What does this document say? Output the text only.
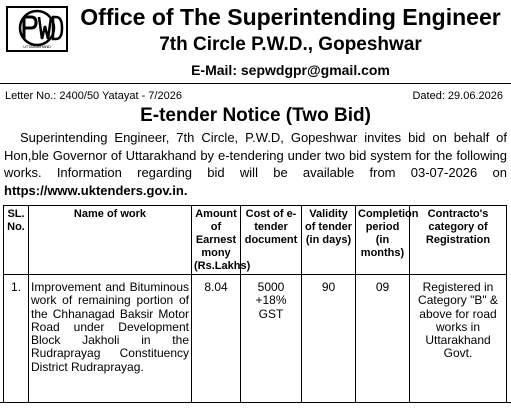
UTTARAKHAND
Office of The Superintending Engineer
7th Circle P.W.D., Gopeshwar
E-Mail: sepwdgpr@gmail.com
Letter No.: 2400/50 Yatayat - 7/2026	Dated: 29.06.2026
E-tender Notice (Two Bid)
Superintending Engineer, 7th Circle, P.W.D, Gopeshwar invites bid on behalf of Hon,ble Governor of Uttarakhand by e-tendering under two bid system for the following works. Information regarding bid will be available from 03-07-2026 on https://www.uktenders.gov.in.
SL. No.	Name of work	Amount of Earnest mony (Rs.Lakhs)	Cost of e-tender document	Validity of tender (in days)	Completion period (in months)	Contracto's category of Registration
1.	Improvement and Bituminous work of remaining portion of the Chhanagad Baksir Motor Road under Development Block Jakholi in the Rudraprayag Constituency District Rudraprayag.	8.04	5000 +18% GST	90	09	Registered in Category "B" & above for road works in Uttarakhand Govt.
